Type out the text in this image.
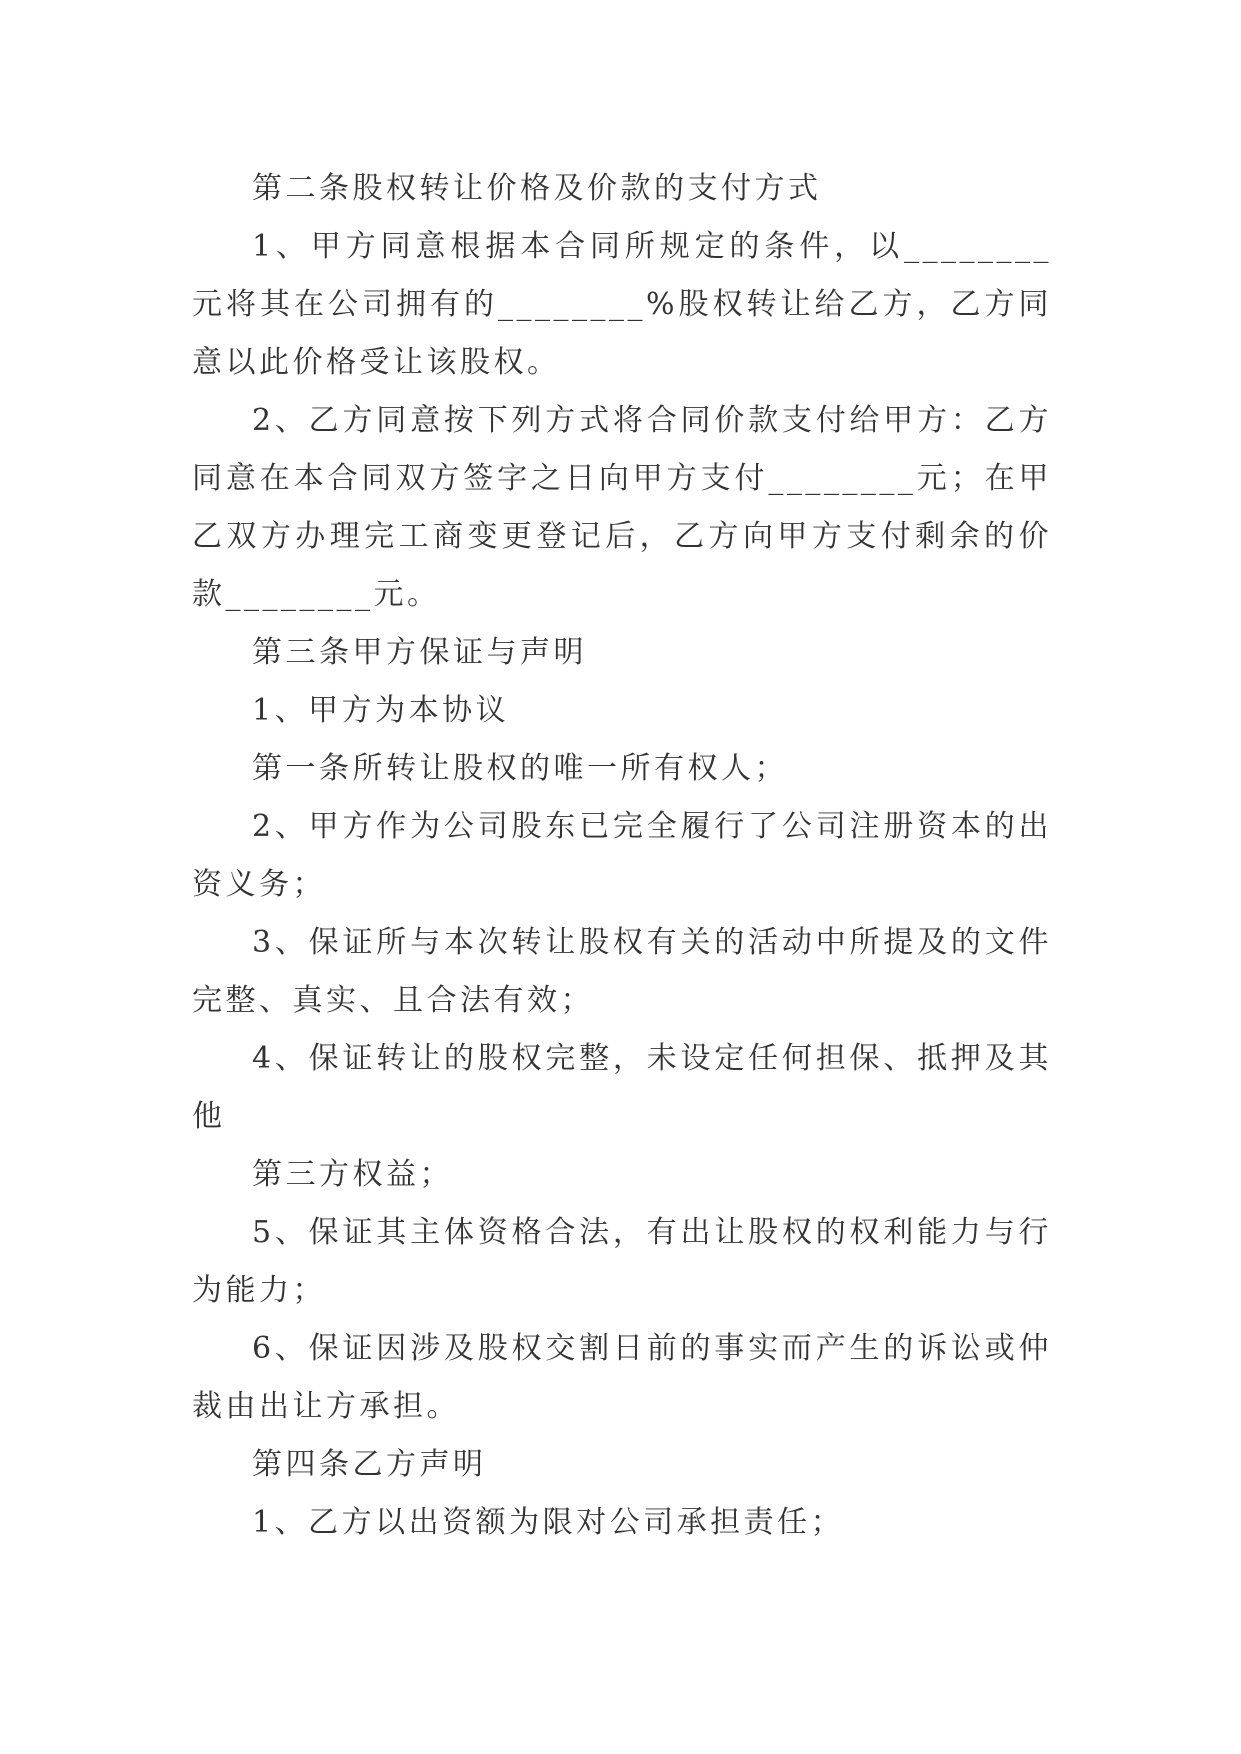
第二条股权转让价格及价款的支付方式

1、甲方同意根据本合同所规定的条件，以________元将其在公司拥有的________%股权转让给乙方，乙方同意以此价格受让该股权。

2、乙方同意按下列方式将合同价款支付给甲方：乙方同意在本合同双方签字之日向甲方支付________元；在甲乙双方办理完工商变更登记后，乙方向甲方支付剩余的价款________元。

第三条甲方保证与声明

1、甲方为本协议

第一条所转让股权的唯一所有权人；

2、甲方作为公司股东已完全履行了公司注册资本的出资义务；

3、保证所与本次转让股权有关的活动中所提及的文件完整、真实、且合法有效；

4、保证转让的股权完整，未设定任何担保、抵押及其他

第三方权益；

5、保证其主体资格合法，有出让股权的权利能力与行为能力；

6、保证因涉及股权交割日前的事实而产生的诉讼或仲裁由出让方承担。

第四条乙方声明

1、乙方以出资额为限对公司承担责任；
